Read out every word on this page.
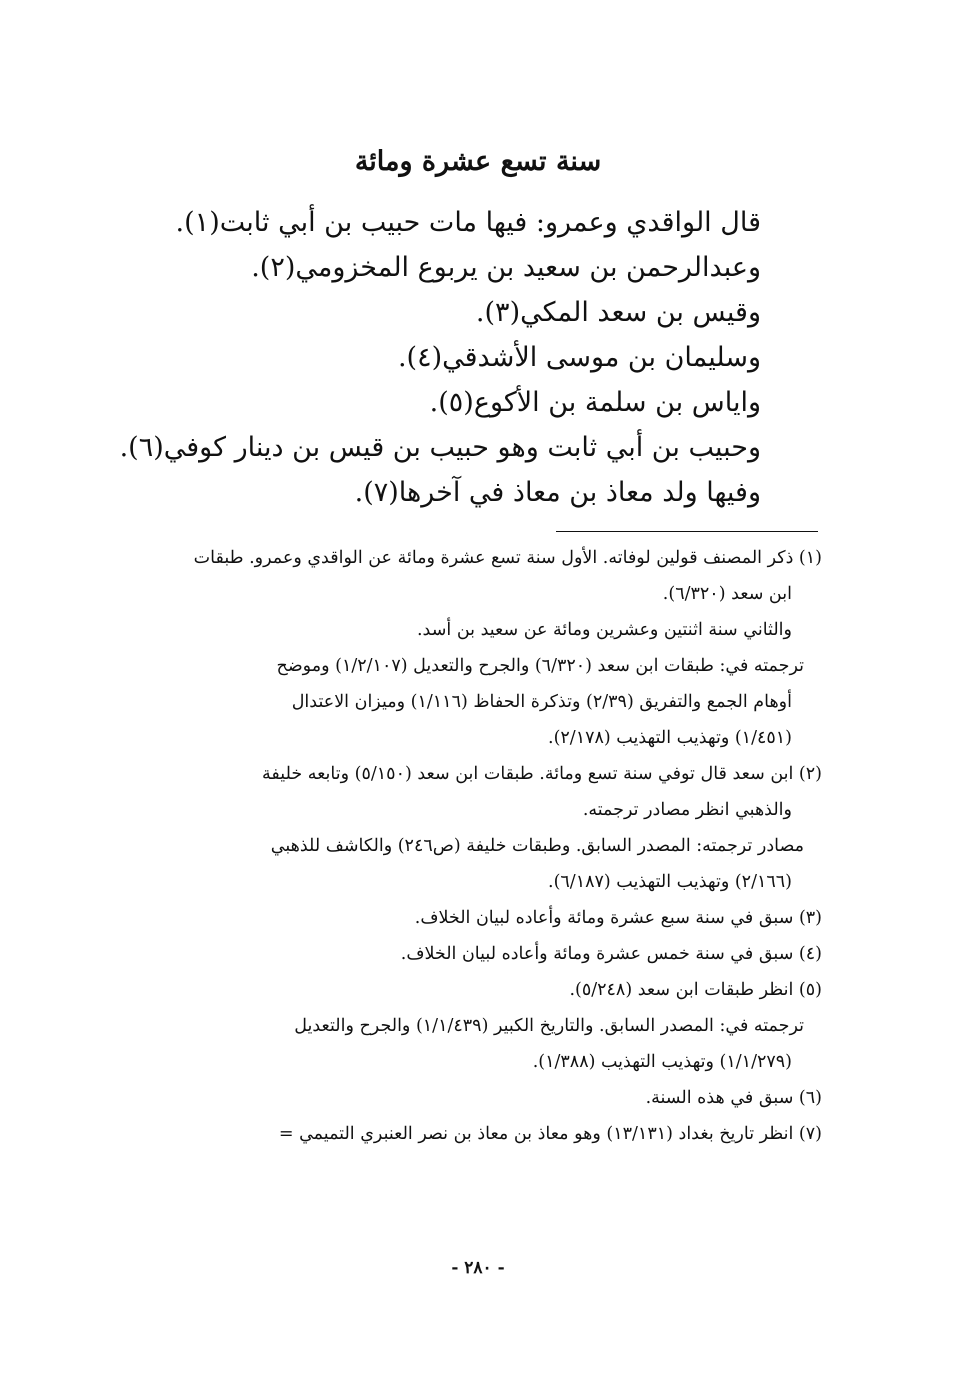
سنة تسع عشرة ومائة
قال الواقدي وعمرو: فيها مات حبيب بن أبي ثابت(١).
وعبدالرحمن بن سعيد بن يربوع المخزومي(٢).
وقيس بن سعد المكي(٣).
وسليمان بن موسى الأشدقي(٤).
واياس بن سلمة بن الأكوع(٥).
وحبيب بن أبي ثابت وهو حبيب بن قيس بن دينار كوفي(٦).
وفيها ولد معاذ بن معاذ في آخرها(٧).
(١) ذكر المصنف قولين لوفاته. الأول سنة تسع عشرة ومائة عن الواقدي وعمرو. طبقات
ابن سعد (٦/٣٢٠).
والثاني سنة اثنتين وعشرين ومائة عن سعيد بن أسد.
ترجمته في: طبقات ابن سعد (٦/٣٢٠) والجرح والتعديل (١/٢/١٠٧) وموضح
أوهام الجمع والتفريق (٢/٣٩) وتذكرة الحفاظ (١/١١٦) وميزان الاعتدال
(١/٤٥١) وتهذيب التهذيب (٢/١٧٨).
(٢) ابن سعد قال توفي سنة تسع ومائة. طبقات ابن سعد (٥/١٥٠) وتابعه خليفة
والذهبي انظر مصادر ترجمته.
مصادر ترجمته: المصدر السابق. وطبقات خليفة (ص٢٤٦) والكاشف للذهبي
(٢/١٦٦) وتهذيب التهذيب (٦/١٨٧).
(٣) سبق في سنة سبع عشرة ومائة وأعاده لبيان الخلاف.
(٤) سبق في سنة خمس عشرة ومائة وأعاده لبيان الخلاف.
(٥) انظر طبقات ابن سعد (٥/٢٤٨).
ترجمته في: المصدر السابق. والتاريخ الكبير (١/١/٤٣٩) والجرح والتعديل
(١/١/٢٧٩) وتهذيب التهذيب (١/٣٨٨).
(٦) سبق في هذه السنة.
(٧) انظر تاريخ بغداد (١٣/١٣١) وهو معاذ بن معاذ بن نصر العنبري التميمي =
- ٢٨٠ -
